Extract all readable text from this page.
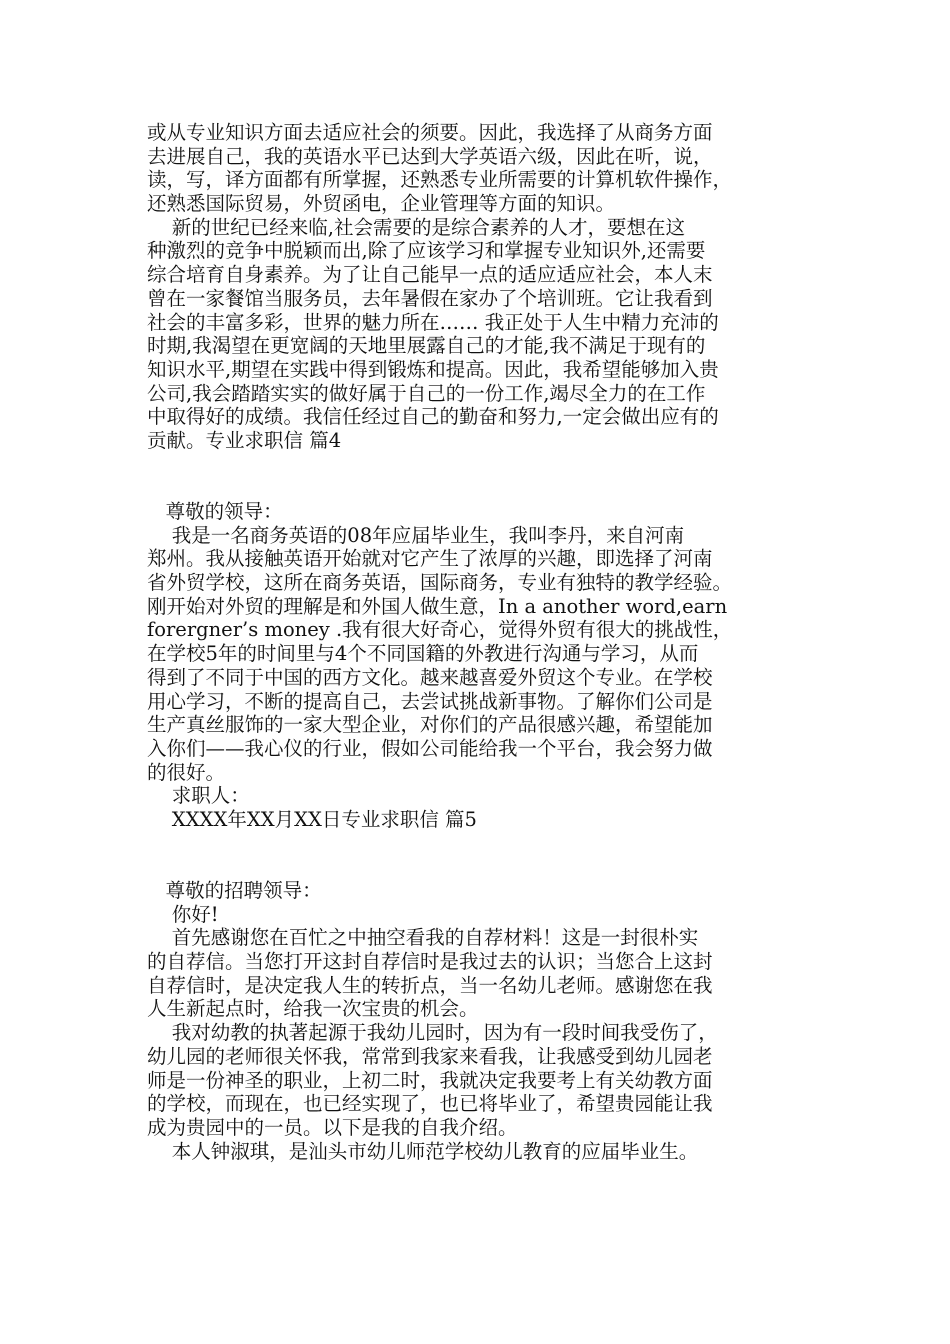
或从专业知识方面去适应社会的须要。因此，我选择了从商务方面
去进展自己，我的英语水平已达到大学英语六级，因此在听，说，
读，写，译方面都有所掌握，还熟悉专业所需要的计算机软件操作，
还熟悉国际贸易，外贸函电，企业管理等方面的知识。
新的世纪已经来临,社会需要的是综合素养的人才，要想在这
种激烈的竞争中脱颖而出,除了应该学习和掌握专业知识外,还需要
综合培育自身素养。为了让自己能早一点的适应适应社会，本人末
曾在一家餐馆当服务员，去年暑假在家办了个培训班。它让我看到
社会的丰富多彩，世界的魅力所在…… 我正处于人生中精力充沛的
时期,我渴望在更宽阔的天地里展露自己的才能,我不满足于现有的
知识水平,期望在实践中得到锻炼和提高。因此，我希望能够加入贵
公司,我会踏踏实实的做好属于自己的一份工作,竭尽全力的在工作
中取得好的成绩。我信任经过自己的勤奋和努力,一定会做出应有的
贡献。专业求职信 篇4
尊敬的领导：
我是一名商务英语的08年应届毕业生，我叫李丹，来自河南
郑州。我从接触英语开始就对它产生了浓厚的兴趣，即选择了河南
省外贸学校，这所在商务英语，国际商务，专业有独特的教学经验。
刚开始对外贸的理解是和外国人做生意，In a another word,earn
forergner’s money .我有很大好奇心，觉得外贸有很大的挑战性，
在学校5年的时间里与4个不同国籍的外教进行沟通与学习，从而
得到了不同于中国的西方文化。越来越喜爱外贸这个专业。在学校
用心学习，不断的提高自己，去尝试挑战新事物。了解你们公司是
生产真丝服饰的一家大型企业，对你们的产品很感兴趣，希望能加
入你们——我心仪的行业，假如公司能给我一个平台，我会努力做
的很好。
求职人：
XXXX年XX月XX日专业求职信 篇5
尊敬的招聘领导：
你好!
首先感谢您在百忙之中抽空看我的自荐材料！这是一封很朴实
的自荐信。当您打开这封自荐信时是我过去的认识；当您合上这封
自荐信时，是决定我人生的转折点，当一名幼儿老师。感谢您在我
人生新起点时，给我一次宝贵的机会。
我对幼教的执著起源于我幼儿园时，因为有一段时间我受伤了，
幼儿园的老师很关怀我，常常到我家来看我，让我感受到幼儿园老
师是一份神圣的职业，上初二时，我就决定我要考上有关幼教方面
的学校，而现在，也已经实现了，也已将毕业了，希望贵园能让我
成为贵园中的一员。以下是我的自我介绍。
本人钟淑琪，是汕头市幼儿师范学校幼儿教育的应届毕业生。
